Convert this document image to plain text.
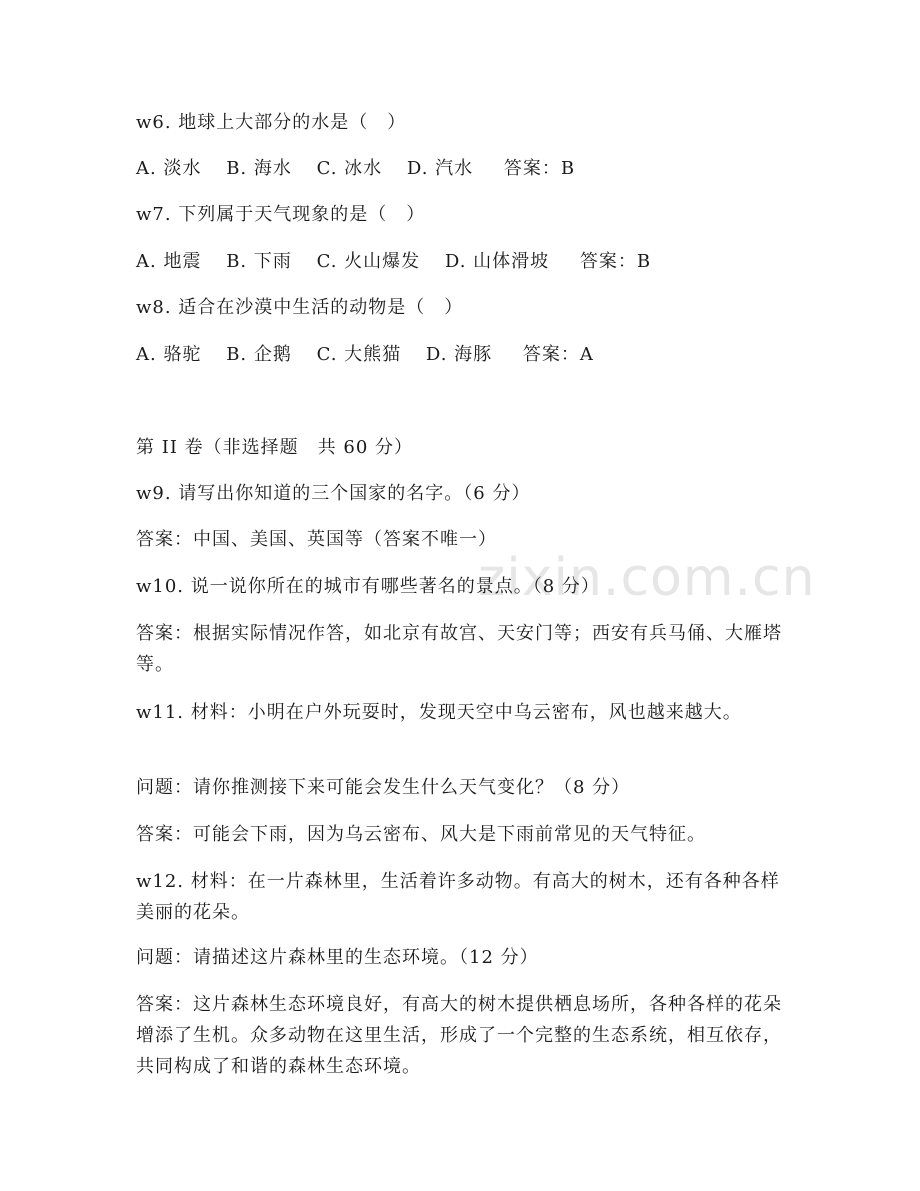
zixin.com.cn
w6. 地球上大部分的水是（　）
A. 淡水 B. 海水 C. 冰水 D. 汽水 答案：B
w7. 下列属于天气现象的是（　）
A. 地震 B. 下雨 C. 火山爆发 D. 山体滑坡 答案：B
w8. 适合在沙漠中生活的动物是（　）
A. 骆驼 B. 企鹅 C. 大熊猫 D. 海豚 答案：A
第 II 卷（非选择题　共 60 分）
w9. 请写出你知道的三个国家的名字。（6 分）
答案：中国、美国、英国等（答案不唯一）
w10. 说一说你所在的城市有哪些著名的景点。（8 分）
答案：根据实际情况作答，如北京有故宫、天安门等；西安有兵马俑、大雁塔等。
w11. 材料：小明在户外玩耍时，发现天空中乌云密布，风也越来越大。
问题：请你推测接下来可能会发生什么天气变化？（8 分）
答案：可能会下雨，因为乌云密布、风大是下雨前常见的天气特征。
w12. 材料：在一片森林里，生活着许多动物。有高大的树木，还有各种各样美丽的花朵。
问题：请描述这片森林里的生态环境。（12 分）
答案：这片森林生态环境良好，有高大的树木提供栖息场所，各种各样的花朵增添了生机。众多动物在这里生活，形成了一个完整的生态系统，相互依存，共同构成了和谐的森林生态环境。
